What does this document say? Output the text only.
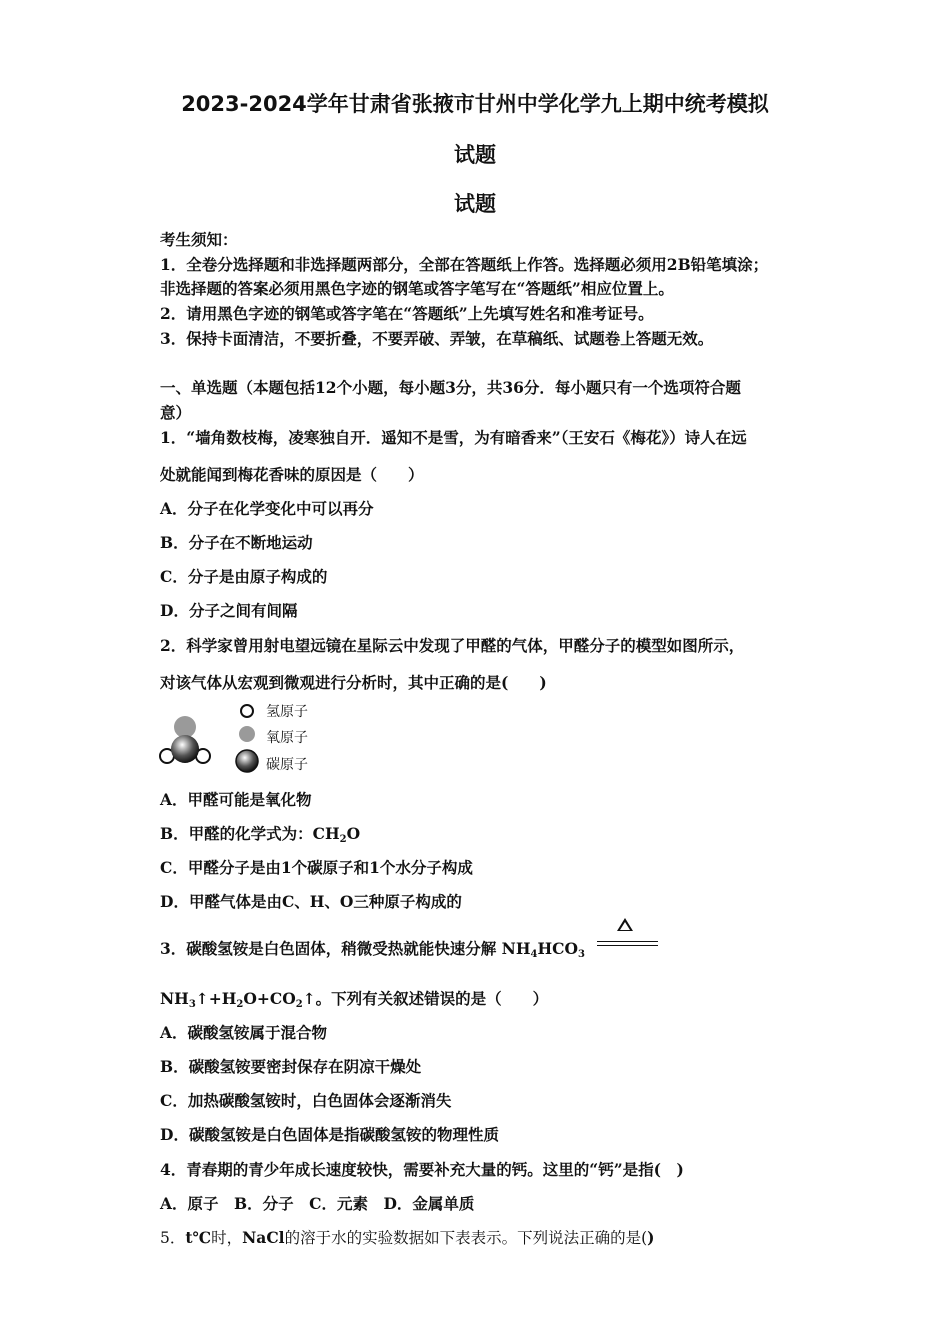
2023-2024学年甘肃省张掖市甘州中学化学九上期中统考模拟
试题
试题
考生须知：
1．全卷分选择题和非选择题两部分，全部在答题纸上作答。选择题必须用2B铅笔填涂；
非选择题的答案必须用黑色字迹的钢笔或答字笔写在“答题纸”相应位置上。
2．请用黑色字迹的钢笔或答字笔在“答题纸”上先填写姓名和准考证号。
3．保持卡面清洁，不要折叠，不要弄破、弄皱，在草稿纸、试题卷上答题无效。
一、单选题（本题包括12个小题，每小题3分，共36分．每小题只有一个选项符合题
意）
1．“墙角数枝梅，凌寒独自开．遥知不是雪，为有暗香来”（王安石《梅花》）诗人在远
处就能闻到梅花香味的原因是（　　）
A．分子在化学变化中可以再分
B．分子在不断地运动
C．分子是由原子构成的
D．分子之间有间隔
2．科学家曾用射电望远镜在星际云中发现了甲醛的气体，甲醛分子的模型如图所示，
对该气体从宏观到微观进行分析时，其中正确的是(　　)
氢原子
氧原子
碳原子
A．甲醛可能是氧化物
B．甲醛的化学式为：$CH_2O$
C．甲醛分子是由1个碳原子和1个水分子构成
D．甲醛气体是由C、H、O三种原子构成的
3．碳酸氢铵是白色固体，稍微受热就能快速分解 $NH_4HCO_3$
$NH_3↑+H_2O+CO_2↑$。下列有关叙述错误的是（　　）
A．碳酸氢铵属于混合物
B．碳酸氢铵要密封保存在阴凉干燥处
C．加热碳酸氢铵时，白色固体会逐渐消失
D．碳酸氢铵是白色固体是指碳酸氢铵的物理性质
4．青春期的青少年成长速度较快，需要补充大量的钙。这里的“钙”是指(　)
A．原子　B．分子　C．元素　D．金属单质
5．t℃时，NaCl的溶于水的实验数据如下表表示。下列说法正确的是()
